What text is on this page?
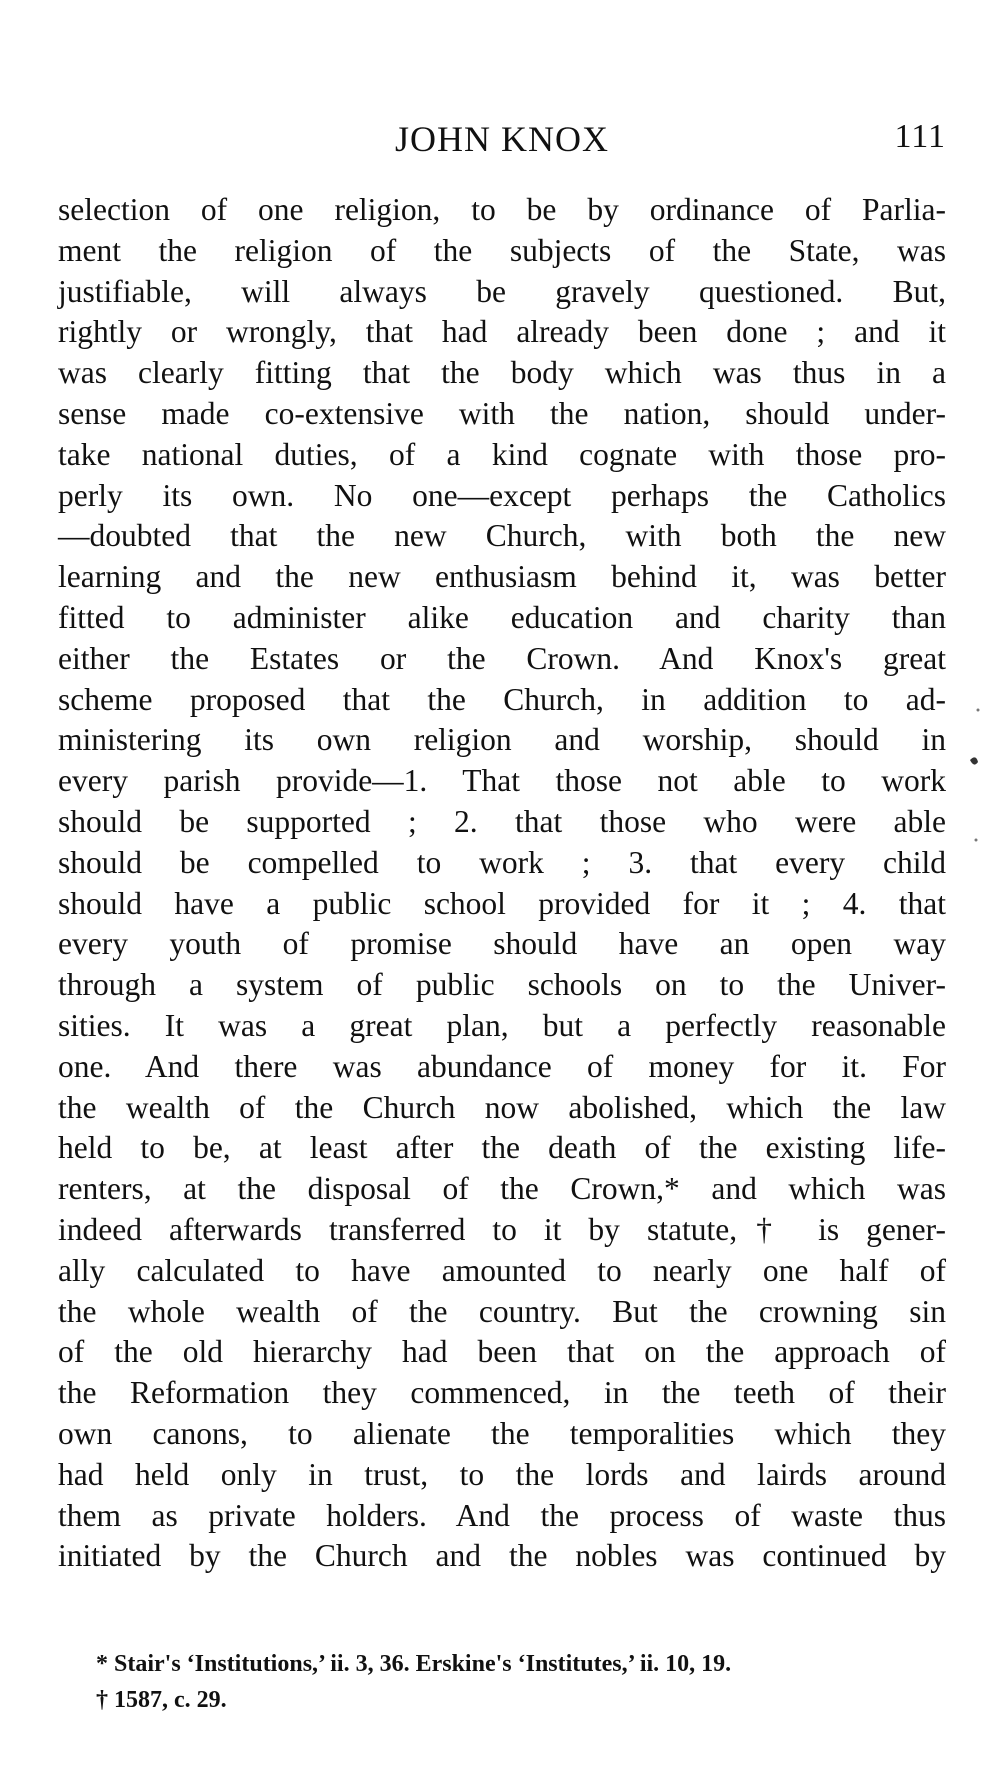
JOHN KNOX	111
selection of one religion, to be by ordinance of Parlia-
ment the religion of the subjects of the State, was
justifiable, will always be gravely questioned. But,
rightly or wrongly, that had already been done ; and it
was clearly fitting that the body which was thus in a
sense made co-extensive with the nation, should under-
take national duties, of a kind cognate with those pro-
perly its own. No one—except perhaps the Catholics
—doubted that the new Church, with both the new
learning and the new enthusiasm behind it, was better
fitted to administer alike education and charity than
either the Estates or the Crown. And Knox's great
scheme proposed that the Church, in addition to ad-
ministering its own religion and worship, should in
every parish provide—1. That those not able to work
should be supported ; 2. that those who were able
should be compelled to work ; 3. that every child
should have a public school provided for it ; 4. that
every youth of promise should have an open way
through a system of public schools on to the Univer-
sities. It was a great plan, but a perfectly reasonable
one. And there was abundance of money for it. For
the wealth of the Church now abolished, which the law
held to be, at least after the death of the existing life-
renters, at the disposal of the Crown,* and which was
indeed afterwards transferred to it by statute,† is gener-
ally calculated to have amounted to nearly one half of
the whole wealth of the country. But the crowning sin
of the old hierarchy had been that on the approach of
the Reformation they commenced, in the teeth of their
own canons, to alienate the temporalities which they
had held only in trust, to the lords and lairds around
them as private holders. And the process of waste thus
initiated by the Church and the nobles was continued by
* Stair's ‘Institutions,’ ii. 3, 36. Erskine's ‘Institutes,’ ii. 10, 19.
† 1587, c. 29.
